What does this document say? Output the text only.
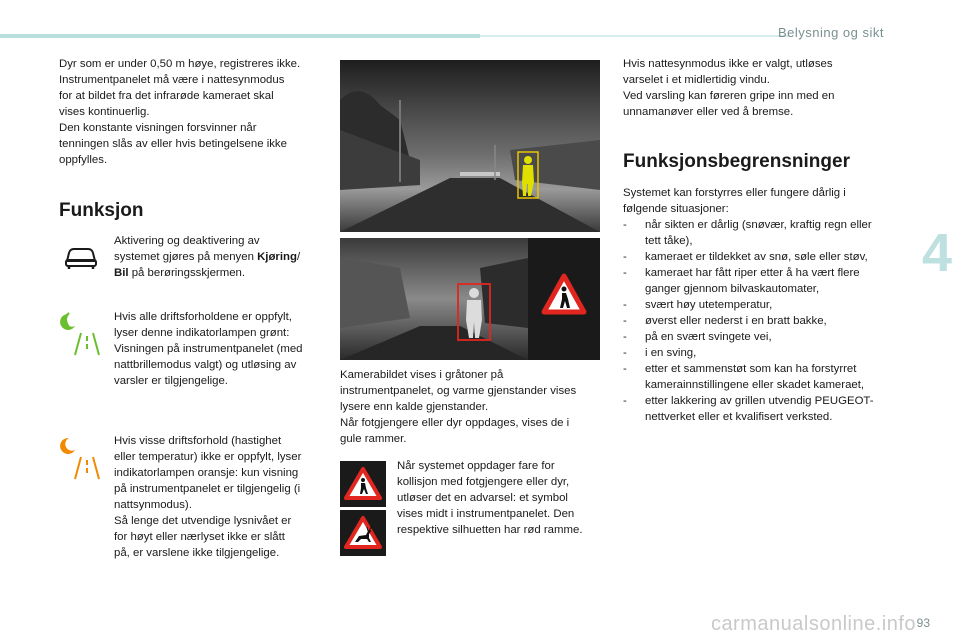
Belysning og sikt
4
carmanualsonline.info 93

Dyr som er under 0,50 m høye, registreres ikke.

Instrumentpanelet må være i nattesynmodus

for at bildet fra det infrarøde kameraet skal

vises kontinuerlig.

Den konstante visningen forsvinner når

tenningen slås av eller hvis betingelsene ikke

oppfylles.

Funksjon

Aktivering og deaktivering av

systemet gjøres på menyen Kjøring/

Bil på berøringsskjermen.

Hvis alle driftsforholdene er oppfylt,

lyser denne indikatorlampen grønt:

Visningen på instrumentpanelet (med

nattbrillemodus valgt) og utløsing av

varsler er tilgjengelige.

Hvis visse driftsforhold (hastighet

eller temperatur) ikke er oppfylt, lyser

indikatorlampen oransje: kun visning

på instrumentpanelet er tilgjengelig (i

nattsynmodus).

Så lenge det utvendige lysnivået er

for høyt eller nærlyset ikke er slått

på, er varslene ikke tilgjengelige.

Kamerabildet vises i gråtoner på

instrumentpanelet, og varme gjenstander vises

lysere enn kalde gjenstander.

Når fotgjengere eller dyr oppdages, vises de i

gule rammer.

Når systemet oppdager fare for

kollisjon med fotgjengere eller dyr,

utløser det en advarsel: et symbol

vises midt i instrumentpanelet. Den

respektive silhuetten har rød ramme.

Hvis nattesynmodus ikke er valgt, utløses

varselet i et midlertidig vindu.

Ved varsling kan føreren gripe inn med en

unnamanøver eller ved å bremse.

Funksjonsbegrensninger

Systemet kan forstyrres eller fungere dårlig i

følgende situasjoner:

- når sikten er dårlig (snøvær, kraftig regn eller tett tåke),
- kameraet er tildekket av snø, søle eller støv,
- kameraet har fått riper etter å ha vært flere ganger gjennom bilvaskautomater,
- svært høy utetemperatur,
- øverst eller nederst i en bratt bakke,
- på en svært svingete vei,
- i en sving,
- etter et sammenstøt som kan ha forstyrret kamerainnstillingene eller skadet kameraet,
- etter lakkering av grillen utvendig PEUGEOT-nettverket eller et kvalifisert verksted.
